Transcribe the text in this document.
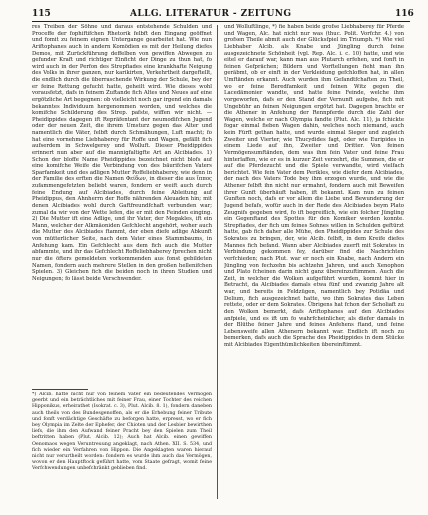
115	ALLG. LITERATUR - ZEITUNG	116

res Treiben der Söhne und daraus entstehende Schulden und Proceffe der fophiftifchen Rhetorik felbft den Eingang geöffnet und fomit zu feinem eignen Untergange gearbeitet hat. Wie nun Ariftophanes auch in andern Komödien es mit der Heilung diefes Demos, mit Zurückführung deffelben von gewiffen Abwegen zu gefunder Kraft und richtiger Einficht der Dinge zu thun hat, fo wird auch in der Perfon des Strepfiades eine krankhafte Neigung des Volks in ihrer ganzen, nur karikirten, Verkehrtheit dargeftellt, die endlich durch die überraschende Wirkung der Schule, bey der er feine Rettung gefucht hatte, geheilt wird. Wie dieses wohl vorausfetzt, dafs in feinem Zuftande fich Altes und Neues auf eine ergötzliche Art begegnen: ob vielleicht noch gar irgend ein damals bekanntes Individuum hergenommen worden, und welches die komifche Schilderung des Strep. pafste, wiffen wir nicht. — Pheidippides dagegen ift Repräfentant der neumodifchen Jugend oder der neuen Zeit, die ihrem Umsturz gegen das Alter und namentlich die Väter, felbft durch Schmähungen, Luft macht; fo hat eine vornehme Liebhaberey für Roffe und Wagen, gefällt fich aufserdem in Schwelgerey und Wolluft. Dieser Pheidippides erinnert nun aber auf die mannigfaltigfte Art an Alcibiades. 1) Schon der bloffe Name Pheidippides bezeichnet nicht blofs auf eine komifche Weife die Verbindung von des bäurifchen Vaters Sparfamkeit und des adligen Mutter Roffeliebhaberey, wie denn in der Familie des erften die Namen Φείδων, in dieser die aus ἵππος zufammengefetzten beliebt waren, fondern er weift auch durch feine Endung auf Alcibiades, durch feine Ableitung auf Pheidippus, den Ahnherrn der Roffe nährenden Aleuaden hin; mit denen Alcibiades wohl durch Gaftfreundfchaft verbunden war; zumal da wir von der Wette lefen, die er mit den Feinden einging. 2) Die Mutter ift eine Adlige, und ihr Vater, der Megakles, ift ein Mann, welcher der Alkmäoniden Gefchlecht angehört, woher auch die Mutter des Alcibiades ftammt, der eben diefe adlige Abkunft von mütterlicher Seite, nach dem Vater eines Stammbaums, in Anfehung kam. Ein Gefchlecht aus dem fich auch die Mutter abfammte, und ihr das Gefchlecht Roffeliebhaberey fprechen nicht nur die öfters gemeldeten vorkommenden aus fonst gebildeten Namen, fondern auch mehrere Stellen in den großen hellenifchen Spielen. 3) Gleichen fich die beiden noch in ihren Studien und Neigungen; fo lässt beide Verschwender.

*) Alcib. hatte nicht nur von feinem Vater ein bedeutendes Vermögen geerbt und ein beträchtliches mit feiner Frau, einer Tochter des reichen Hipponikus, erheirathet (Isokrat. c. 3), Plut. Alcib. 8. 1), fondern daneben auch theils von des Bundesgenoffen, als er die Erhebung feiner Tribute und fonft verdächtige Geschäfte zu beforgen hatte, erpresst, wo er fich bey Olympia im Zelte der Ephefer, der Chioten und der Lesbier bewirthen liefs, die ihm den Aufwand feiner Pracht bey den Spielen zum Theil beftritten haben (Plut. Alcib. 12); Auch hat Alcib. einen gewiffen Oenomaos wegen Veruntreuung angeklagt, nach Athen. XII. S. 534, und fich wieder ein Verfahren von Hippon. Die Angeklagten waren hierauf nicht nur verurtheilt worden: fondern es wurde ihm auch das Vermögen, wovon er den Hauptftock geführt hatte, vom Staate gefragt, womit feine Verfchwendungen unbefchränkt geblieben find.

und Wolluftlinge, *) fie haben beide grofse Liebhaberey für Pferde und Wagen, Alc. hat nicht nur was (thuc. Polit. Vorfchr. 4.) von grofsen Theile abmit auch der Glücksfpiel im Triumph. *) Wie viel Liebhaber Alcib. als Knabe und Jüngling durch feine ausgezeichnete Schönheit (vgl. Rep. Alc. i. c. 10) hatte, und wie eitel er darauf war, kann man aus Plutarch erfehen, und fonft in feinen Gefprächen; Bildern und Vorftellungen fieht man ihn geräbmt, ob er einft in der Verkleidung gefchloffen hat, in allen Umftänden erkannt. Auch wurden ihm Gefandtfchaften zu Theil, wo er feine Beredfamkeit und feinen Witz gegen die Lacedämonier wandte, und hatte feine Feinde, welche ihm vorgeworfen, dafs er den Stand der Vernunft aufgebe, fich mit Ungebühr an feinen Neigungen ergötzt hat. Dagegen brachte er die Athener in Anfehung der Rennpferde durch die Zahl der Wagen, welche er nach Olympia fandte (Plut. Alc. 11), ja fchickte fogar einmal fieben Wagen dahin, welches noch niemand, auch kein Fürft gethan hatte, und wurde einmal Sieger und zugleich Zweiter und Vierter, wie Thucydides fagt, oder wie Euripides in einem Liede auf ihn, Zweiter und Dritter. Von feinen Vermögensumftänden, dem was ihm fein Vater und feine Frau hinterlaffen, wie er es in kurzer Zeit verzehrt, die Summen, die er auf die Pferdezucht und die Spiele verwandte, wird vielfach berichtet. Wie fein Vater dem Perikles, wie diefer dem Alcibiades, der nach des Vaters Tode bey ihm erzogen wurde, und wie die Athener felbft ihn nicht nur ermahnt, fondern auch mit Beweifen ihrer Gunft überhäuft haben, ift bekannt. Kam nun zu feinen Gunften noch, dafs er vor allem die Liebe und Bewunderung der Jugend befafs, wofür auch in der Rede des Alcibiades beym Plato Zeugnifs gegeben wird, fo ift begreiflich, wie ein folcher Jüngling ein Gegenftand des Spottes für den Komiker werden konnte. Strepfiades, der fich um feines Sohnes willen in Schulden geftürzt hatte, gab fich daher alle Mühe, den Pheidippides zur Schule des Sokrates zu bringen, der, wie Alcib. felbft, in dem Kreife diefes Mannes fich befand. Wann aber Alcibiades zuerft mit Sokrates in Verbindung gekommen fey, darüber find die Nachrichten verfchieden; nach Plut. war er noch ein Knabe, nach Andern ein Jüngling von fechzehn bis achtzehn Jahren, und auch Xenophon und Plato fcheinen darin nicht ganz übereinzuftimmen. Auch die Zeit, in welcher die Wolken aufgeführt wurden, kommt hier in Betracht, da Alcibiades damals etwa fünf und zwanzig Jahre alt war, und bereits in Feldzügen, namentlich bey Potidäa und Delium, fich ausgezeichnet hatte, wo ihm Sokrates das Leben rettete, oder er dem Sokrates. Übrigens hat fchon der Scholiaft zu den Wolken bemerkt, dafs Ariftophanes auf den Alcibiades anfpiele, und es ift um fo wahrfcheinlicher, als diefer damals in der Blüthe feiner Jahre und feines Anfehens ftand, und feine Lebensweife allen Athenern bekannt war. Endlich ift noch zu bemerken, dafs auch die Sprache des Pheidippides in dem Stücke mit Alcibiades Eigenthümlichkeiten übereinftimmt.
